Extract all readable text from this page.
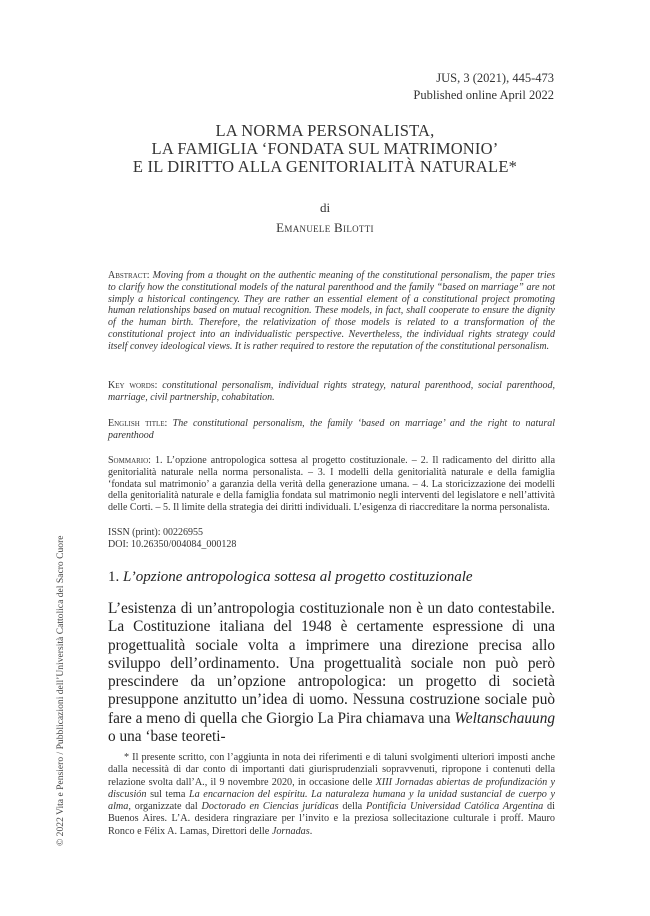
JUS, 3 (2021), 445-473
Published online April 2022
LA NORMA PERSONALISTA,
LA FAMIGLIA ‘FONDATA SUL MATRIMONIO’
E IL DIRITTO ALLA GENITORIALITÀ NATURALE*
di
Emanuele Bilotti
Abstract: Moving from a thought on the authentic meaning of the constitutional personalism, the paper tries to clarify how the constitutional models of the natural parenthood and the family “based on marriage” are not simply a historical contingency. They are rather an essential element of a constitutional project promoting human relationships based on mutual recognition. These models, in fact, shall cooperate to ensure the dignity of the human birth. Therefore, the relativization of those models is related to a transformation of the constitutional project into an individualistic perspective. Nevertheless, the individual rights strategy could itself convey ideological views. It is rather required to restore the reputation of the constitutional personalism.
Key words: constitutional personalism, individual rights strategy, natural parenthood, social parenthood, marriage, civil partnership, cohabitation.
English title: The constitutional personalism, the family ‘based on marriage’ and the right to natural parenthood
Sommario: 1. L’opzione antropologica sottesa al progetto costituzionale. – 2. Il radicamento del diritto alla genitorialità naturale nella norma personalista. – 3. I modelli della genitorialità naturale e della famiglia ‘fondata sul matrimonio’ a garanzia della verità della generazione umana. – 4. La storicizzazione dei modelli della genitorialità naturale e della famiglia fondata sul matrimonio negli interventi del legislatore e nell’attività delle Corti. – 5. Il limite della strategia dei diritti individuali. L’esigenza di riaccreditare la norma personalista.
ISSN (print): 00226955
DOI: 10.26350/004084_000128
1. L’opzione antropologica sottesa al progetto costituzionale
L’esistenza di un’antropologia costituzionale non è un dato contestabile. La Costituzione italiana del 1948 è certamente espressione di una progettualità sociale volta a imprimere una direzione precisa allo sviluppo dell’ordinamento. Una progettualità sociale non può però prescindere da un’opzione antropologica: un progetto di società presuppone anzitutto un’idea di uomo. Nessuna costruzione sociale può fare a meno di quella che Giorgio La Pira chiamava una Weltanschauung o una ‘base teoreti-
* Il presente scritto, con l’aggiunta in nota dei riferimenti e di taluni svolgimenti ulteriori imposti anche dalla necessità di dar conto di importanti dati giurisprudenziali sopravvenuti, ripropone i contenuti della relazione svolta dall’A., il 9 novembre 2020, in occasione delle XIII Jornadas abiertas de profundización y discusión sul tema La encarnacion del espíritu. La naturaleza humana y la unidad sustancial de cuerpo y alma, organizzate dal Doctorado en Ciencias jurídicas della Pontificia Universidad Católica Argentina di Buenos Aires. L’A. desidera ringraziare per l’invito e la preziosa sollecitazione culturale i proff. Mauro Ronco e Félix A. Lamas, Direttori delle Jornadas.
© 2022 Vita e Pensiero / Pubblicazioni dell’Università Cattolica del Sacro Cuore
